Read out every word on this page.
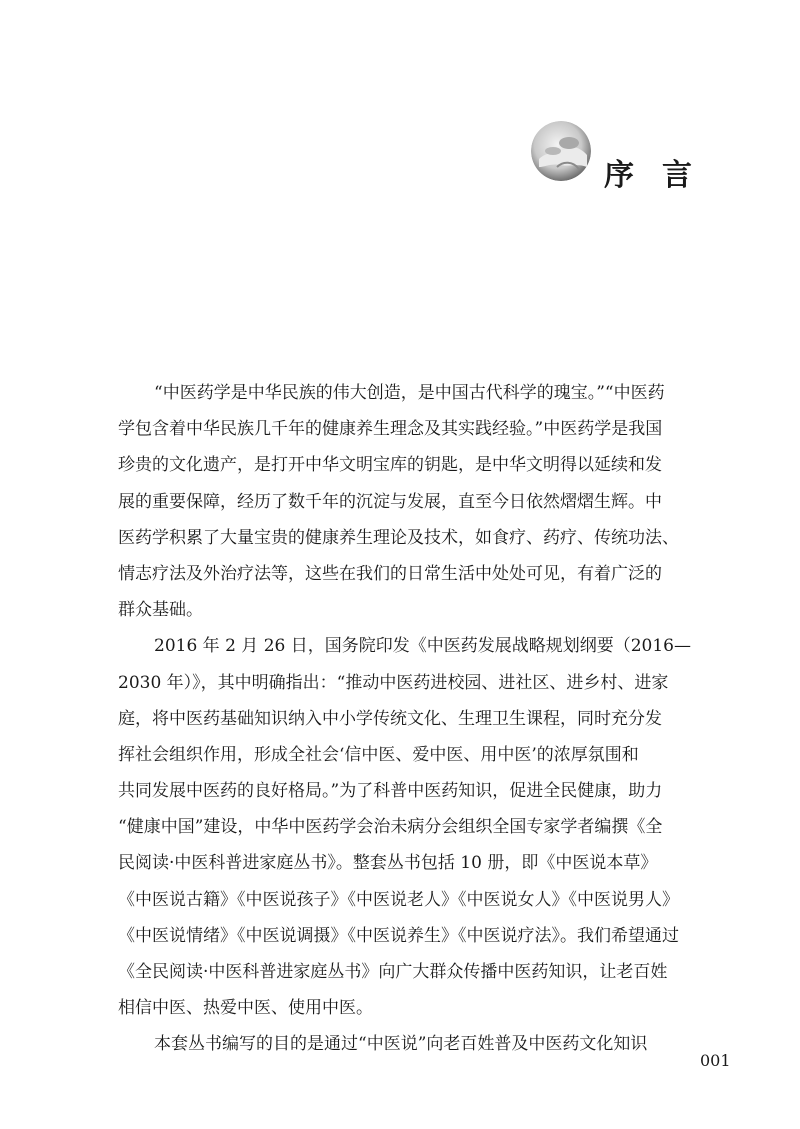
序言
“中医药学是中华民族的伟大创造，是中国古代科学的瑰宝。”“中医药
学包含着中华民族几千年的健康养生理念及其实践经验。”中医药学是我国
珍贵的文化遗产，是打开中华文明宝库的钥匙，是中华文明得以延续和发
展的重要保障，经历了数千年的沉淀与发展，直至今日依然熠熠生辉。中
医药学积累了大量宝贵的健康养生理论及技术，如食疗、药疗、传统功法、
情志疗法及外治疗法等，这些在我们的日常生活中处处可见，有着广泛的
群众基础。
2016 年 2 月 26 日，国务院印发《中医药发展战略规划纲要（2016—
2030 年）》，其中明确指出：“推动中医药进校园、进社区、进乡村、进家
庭，将中医药基础知识纳入中小学传统文化、生理卫生课程，同时充分发
挥社会组织作用，形成全社会‘信中医、爱中医、用中医’的浓厚氛围和
共同发展中医药的良好格局。”为了科普中医药知识，促进全民健康，助力
“健康中国”建设，中华中医药学会治未病分会组织全国专家学者编撰《全
民阅读·中医科普进家庭丛书》。整套丛书包括 10 册，即《中医说本草》
《中医说古籍》《中医说孩子》《中医说老人》《中医说女人》《中医说男人》
《中医说情绪》《中医说调摄》《中医说养生》《中医说疗法》。我们希望通过
《全民阅读·中医科普进家庭丛书》向广大群众传播中医药知识，让老百姓
相信中医、热爱中医、使用中医。
本套丛书编写的目的是通过“中医说”向老百姓普及中医药文化知识
001
